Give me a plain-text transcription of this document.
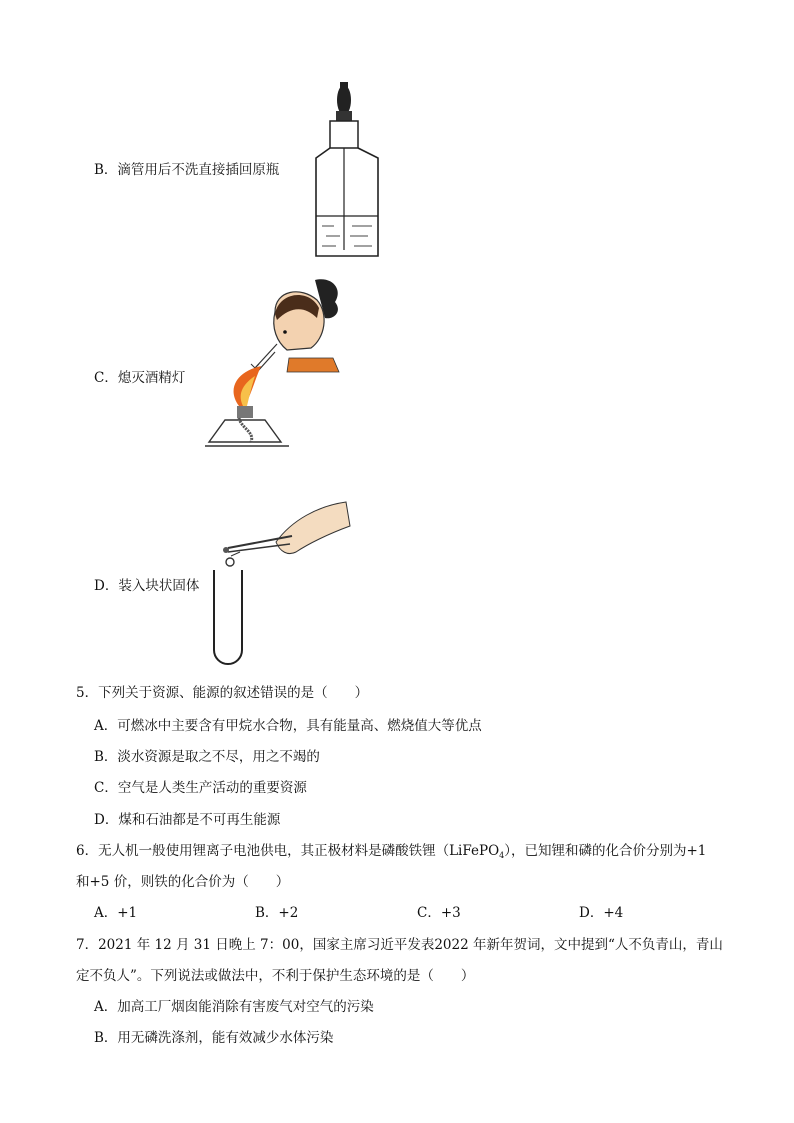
B．滴管用后不洗直接插回原瓶
C．熄灭酒精灯
D．装入块状固体
5．下列关于资源、能源的叙述错误的是（　　）
A．可燃冰中主要含有甲烷水合物，具有能量高、燃烧值大等优点
B．淡水资源是取之不尽，用之不竭的
C．空气是人类生产活动的重要资源
D．煤和石油都是不可再生能源
6．无人机一般使用锂离子电池供电，其正极材料是磷酸铁锂（LiFePO$_4$），已知锂和磷的化合价分别为+1
和+5 价，则铁的化合价为（　　）
A．+1	B．+2	C．+3	D．+4
7．2021 年 12 月 31 日晚上 7：00，国家主席习近平发表2022 年新年贺词，文中提到“人不负青山，青山
定不负人”。下列说法或做法中，不利于保护生态环境的是（　　）
A．加高工厂烟囱能消除有害废气对空气的污染
B．用无磷洗涤剂，能有效减少水体污染
